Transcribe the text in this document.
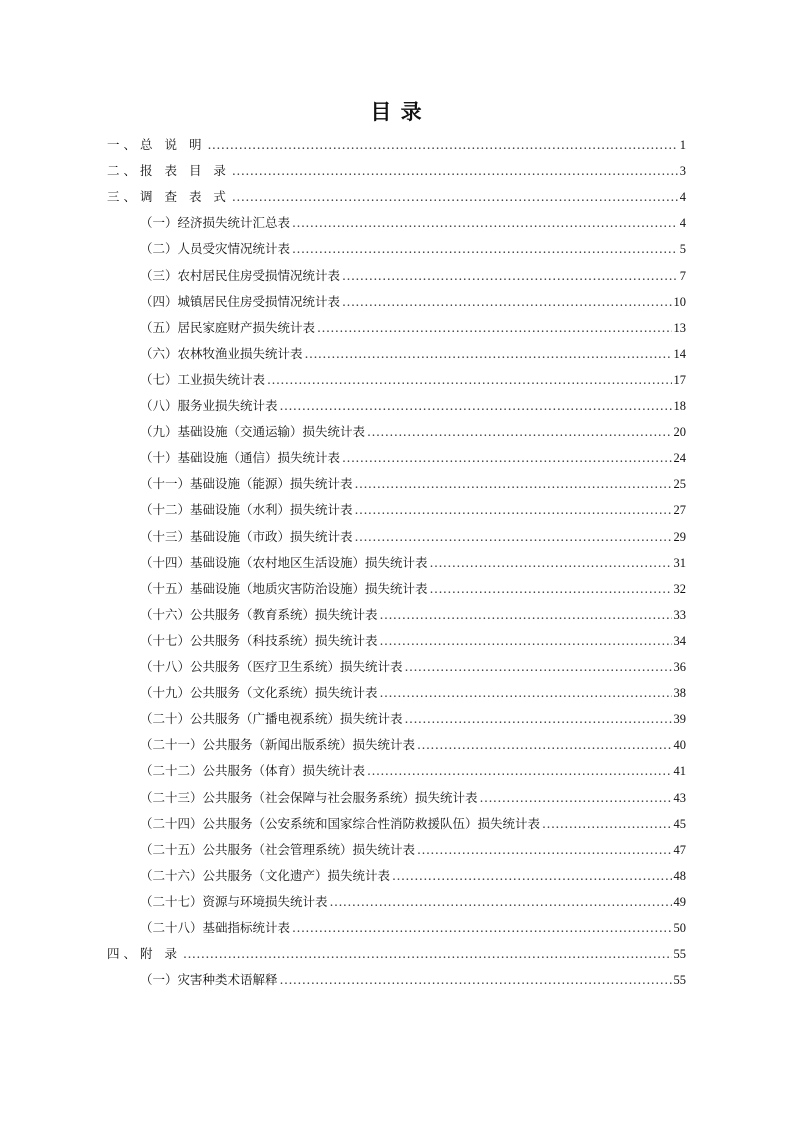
目 录
一、总 说 明 .....	1
二、报 表 目 录 .....	3
三、调 查 表 式 .....	4
（一）经济损失统计汇总表 .....	4
（二）人员受灾情况统计表 .....	5
（三）农村居民住房受损情况统计表 .....	7
（四）城镇居民住房受损情况统计表 .....	10
（五）居民家庭财产损失统计表 .....	13
（六）农林牧渔业损失统计表 .....	14
（七）工业损失统计表 .....	17
（八）服务业损失统计表 .....	18
（九）基础设施（交通运输）损失统计表 .....	20
（十）基础设施（通信）损失统计表 .....	24
（十一）基础设施（能源）损失统计表 .....	25
（十二）基础设施（水利）损失统计表 .....	27
（十三）基础设施（市政）损失统计表 .....	29
（十四）基础设施（农村地区生活设施）损失统计表 .....	31
（十五）基础设施（地质灾害防治设施）损失统计表 .....	32
（十六）公共服务（教育系统）损失统计表 .....	33
（十七）公共服务（科技系统）损失统计表 .....	34
（十八）公共服务（医疗卫生系统）损失统计表 .....	36
（十九）公共服务（文化系统）损失统计表 .....	38
（二十）公共服务（广播电视系统）损失统计表 .....	39
（二十一）公共服务（新闻出版系统）损失统计表 .....	40
（二十二）公共服务（体育）损失统计表 .....	41
（二十三）公共服务（社会保障与社会服务系统）损失统计表 .....	43
（二十四）公共服务（公安系统和国家综合性消防救援队伍）损失统计表 .....	45
（二十五）公共服务（社会管理系统）损失统计表 .....	47
（二十六）公共服务（文化遗产）损失统计表 .....	48
（二十七）资源与环境损失统计表 .....	49
（二十八）基础指标统计表 .....	50
四、附 录 .....	55
（一）灾害种类术语解释 .....	55
